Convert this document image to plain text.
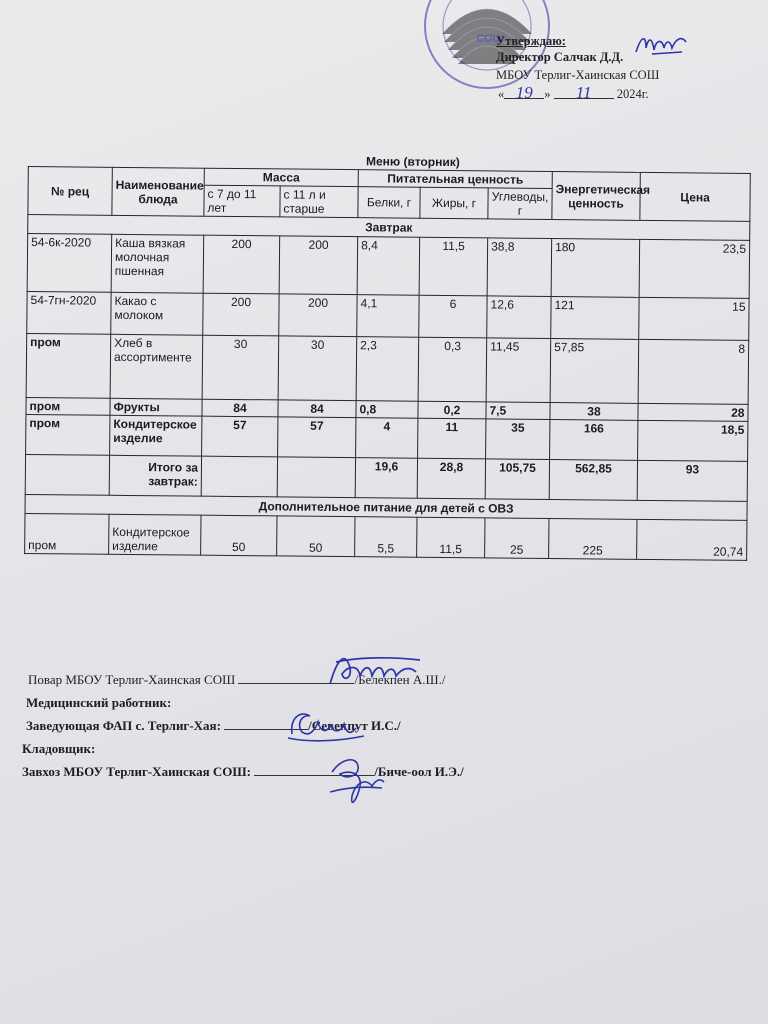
СОШ
Утверждаю:
Директор Салчак Д.Д.
МБОУ Терлиг-Хаинская СОШ
« 19 » 11 2024г.
Меню (вторник)
№ рец	Наименование блюда	Масса		Питательная ценность			Энергетическая ценность	Цена
		с 7 до 11 лет	с 11 л и старше	Белки, г	Жиры, г	Углеводы, г		
Завтрак								
54-6к-2020	Каша вязкая молочная пшенная	200	200	8,4	11,5	38,8	180	23,5
54-7гн-2020	Какао с молоком	200	200	4,1	6	12,6	121	15
пром	Хлеб в ассортименте	30	30	2,3	0,3	11,45	57,85	8
пром	Фрукты	84	84	0,8	0,2	7,5	38	28
пром	Кондитерское изделие	57	57	4	11	35	166	18,5
	Итого за завтрак:			19,6	28,8	105,75	562,85	93
Дополнительное питание для детей с ОВЗ								
пром	Кондитерское изделие	50	50	5,5	11,5	25	225	20,74
Повар МБОУ Терлиг-Хаинская СОШ	/Белекпен А.Ш./
Медицинский работник:
Заведующая ФАП с. Терлиг-Хая:	/Севекпут И.С./
Кладовщик:
Завхоз МБОУ Терлиг-Хаинская СОШ:	/Биче-оол И.Э./
